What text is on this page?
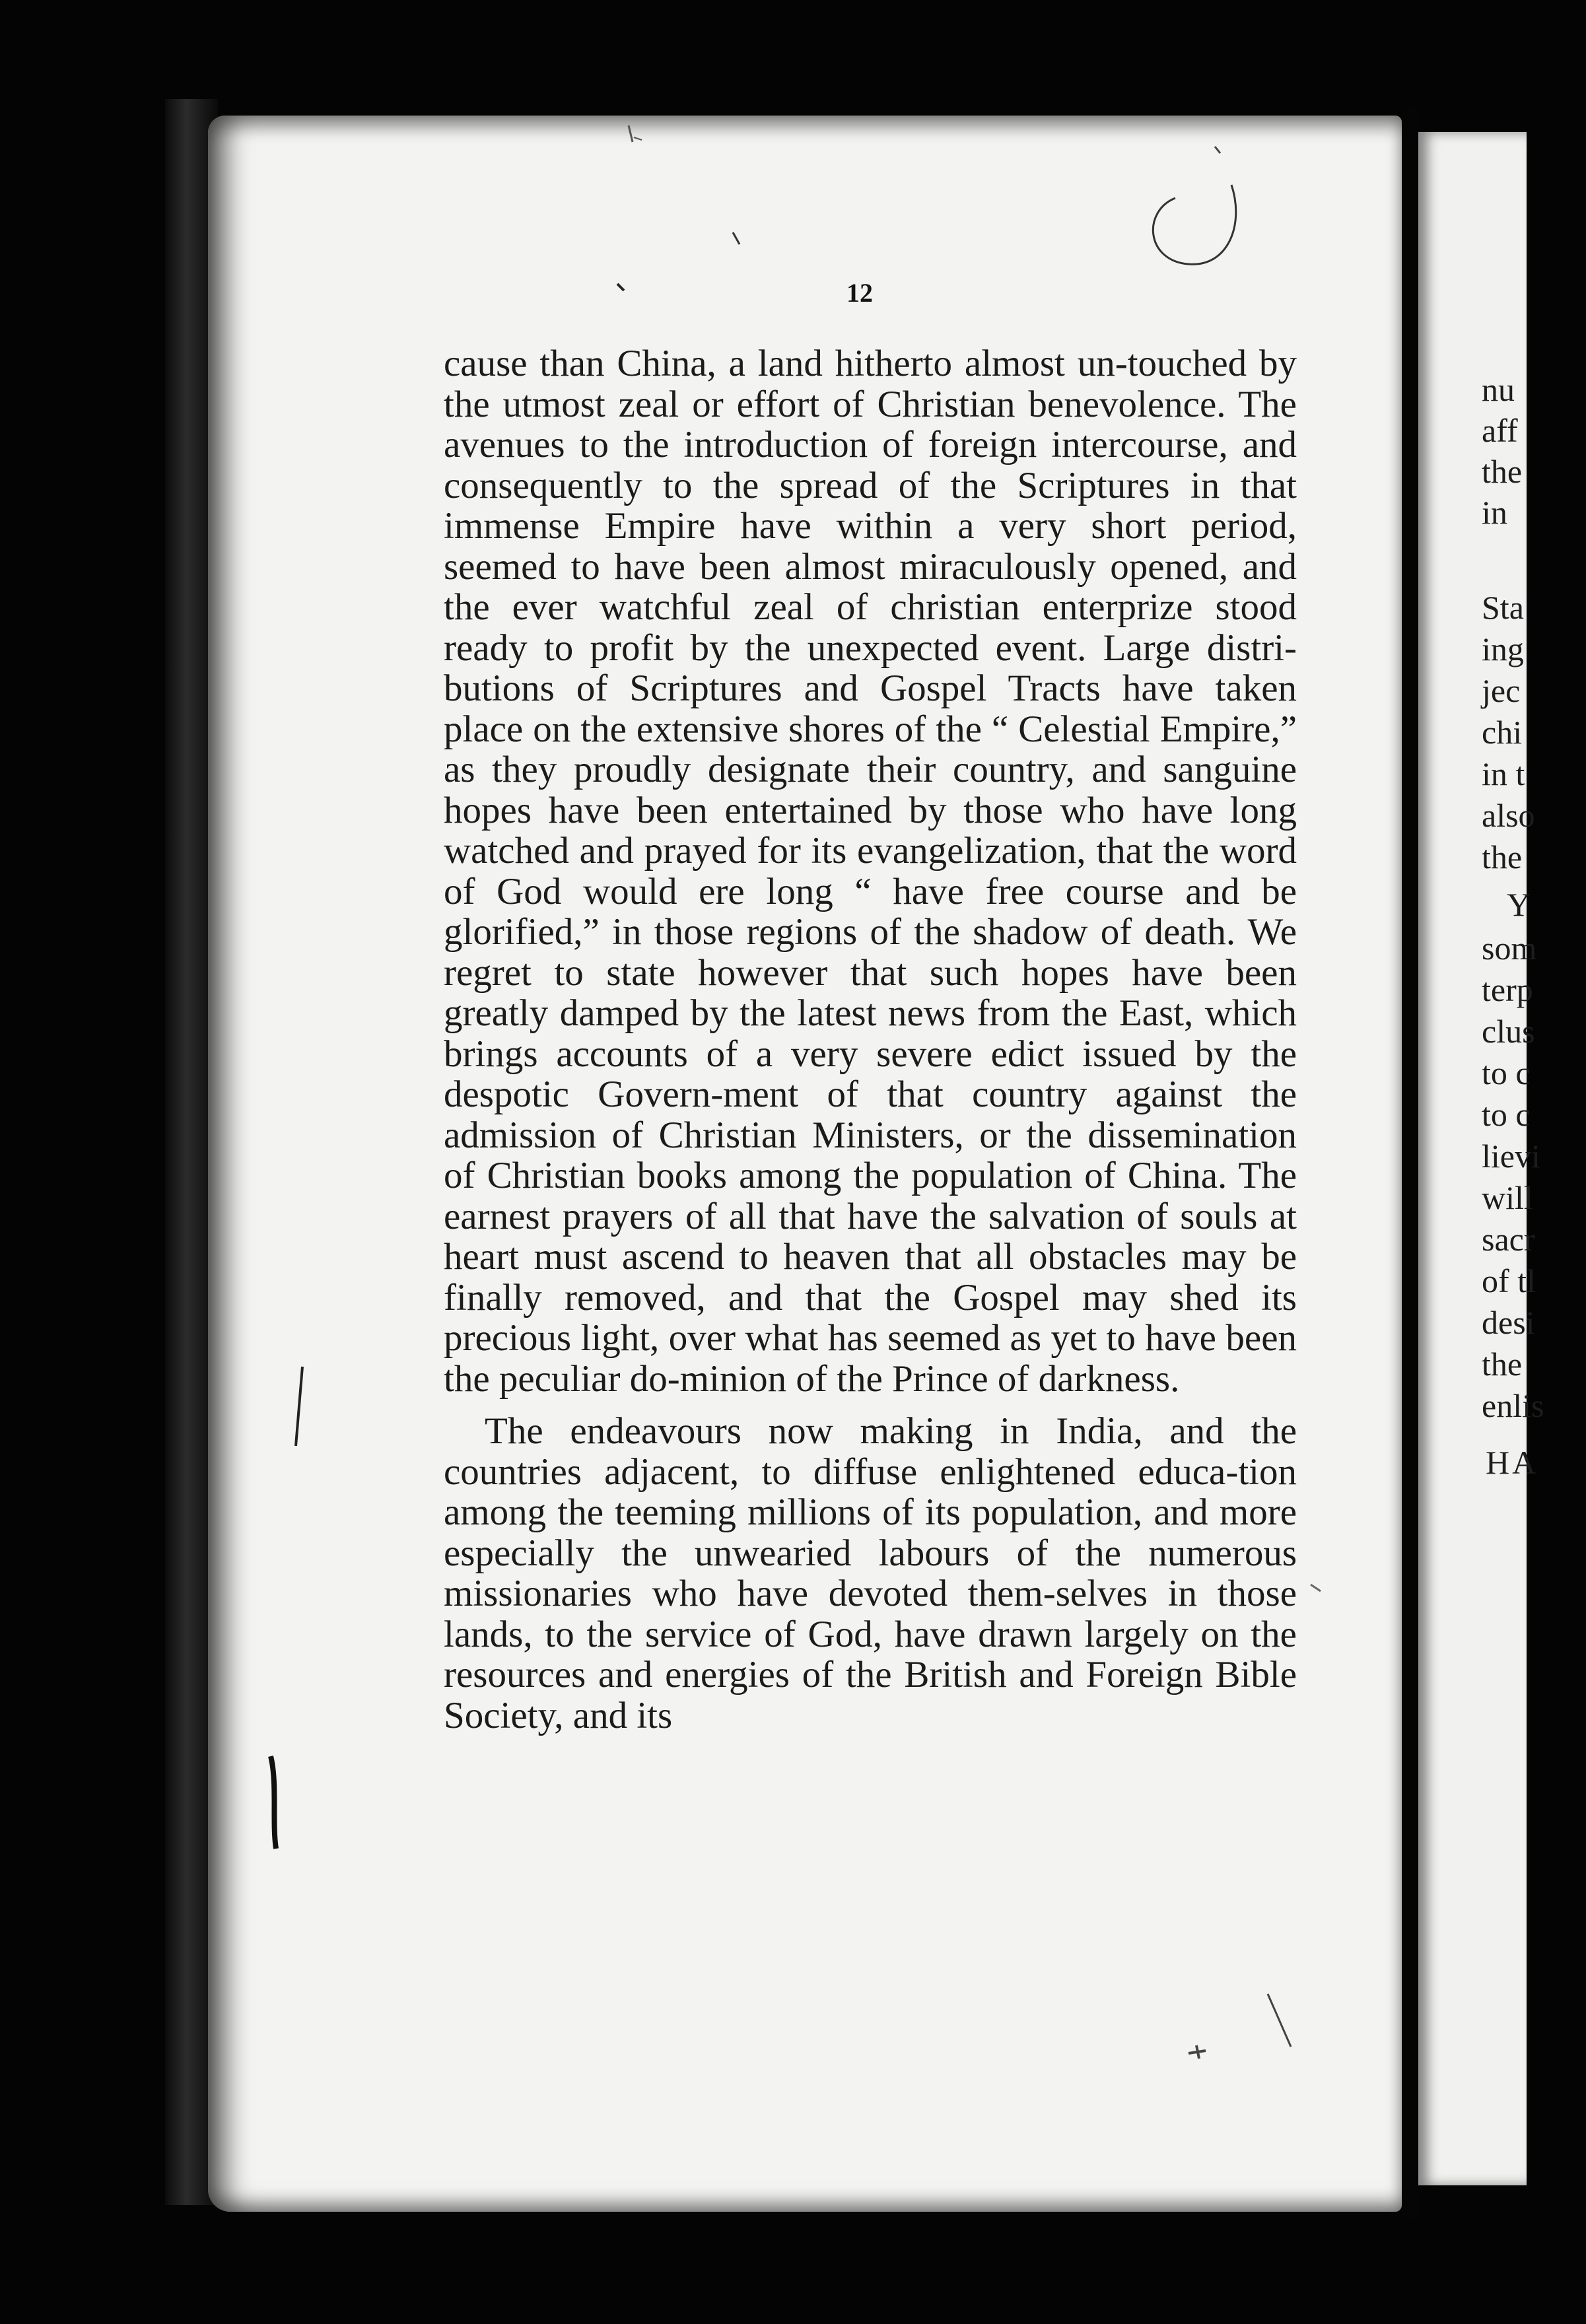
12

cause than China, a land hitherto almost un-touched by the utmost zeal or effort of Christian benevolence. The avenues to the introduction of foreign intercourse, and consequently to the spread of the Scriptures in that immense Empire have within a very short period, seemed to have been almost miraculously opened, and the ever watchful zeal of christian enterprize stood ready to profit by the unexpected event. Large distri-butions of Scriptures and Gospel Tracts have taken place on the extensive shores of the “ Celestial Empire,” as they proudly designate their country, and sanguine hopes have been entertained by those who have long watched and prayed for its evangelization, that the word of God would ere long “ have free course and be glorified,” in those regions of the shadow of death. We regret to state however that such hopes have been greatly damped by the latest news from the East, which brings accounts of a very severe edict issued by the despotic Govern-ment of that country against the admission of Christian Ministers, or the dissemination of Christian books among the population of China. The earnest prayers of all that have the salvation of souls at heart must ascend to heaven that all obstacles may be finally removed, and that the Gospel may shed its precious light, over what has seemed as yet to have been the peculiar do-minion of the Prince of darkness.

The endeavours now making in India, and the countries adjacent, to diffuse enlightened educa-tion among the teeming millions of its population, and more especially the unwearied labours of the numerous missionaries who have devoted them-selves in those lands, to the service of God, have drawn largely on the resources and energies of the British and Foreign Bible Society, and its

nu
aff
the
in
Sta
ing
jec
chi
in t
also
the
Y
som
terp
clus
to c
to c
lievi
will
sacr
of tl
desi
the
enlis
HA
